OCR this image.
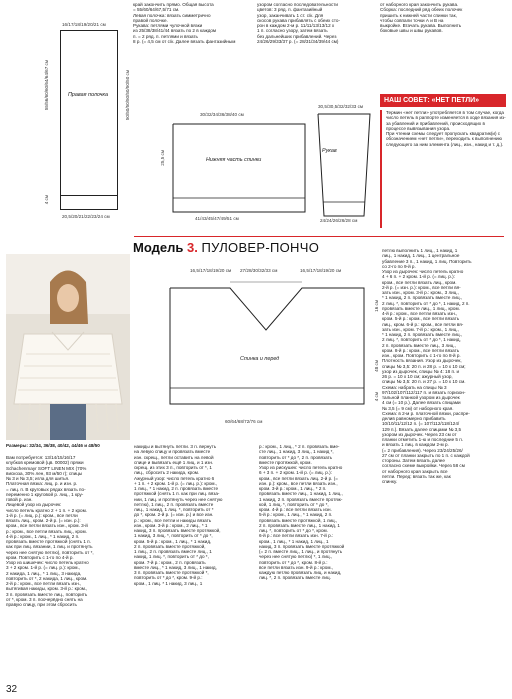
Правая полочка
16/17/18/19/20/21 см
55/56/60/60/64/64/67 см
4 см
20,5/20/21/22/23/24 см
50/50/50/50/50/50/50 см
Нижняя часть спинки
30/32/34/36/38/40 см
41/43/45/47/49/51 см
25,5 см	Рукав
30,5/30,5/32/32/33 см
24/24/26/26/28 см
край закончить прямо. Общая высота
= 55/60/64/67,5/71 см.
Левая полочка: вязать симметрично
правой полочке.
Рукава: петлями чулочной вязки
из 25/38/38/41/44 вязать по 2 в каждом
п. = 2 ряд. п. петлями и вязать
8 р. (= 4,5 см от с/к. Далее вязать фантазийным
узором согласно последовательности
цветов: 3 ряд. п. фантазийный
узор, заканчивать 1 ст. с/к. Для
скосов рукава прибавлять с обеих сто-
рон в каждом 2-м р. 11/11/13/13/12 х
1 п. согласно узору, затем вязать
без дальнейших прибавлений. Через
24/26/29/33/37 р. (= 28/31/34/39/44 см)
от наборного края закончить рукава.
Сборка: последний ряд обеих полочек
пришить к нижней части спинки так,
чтобы совпали точки А и В на
выкройке. Втачать рукава. Выполнить
боковые швы и швы рукавов.
НАШ СОВЕТ: «НЕТ ПЕТЛИ»
Термин «нет петли» употребляется в том случае, когда число петель в раппорте изменяется в ходе вязания из-за убавлений и прибавлений, происходящих в процессе вывязывания узора.
При чтении схемы следует пропускать квадратик(и) с обозначением «нет петли», переходить к выполнению следующего за ним элемента (лиц., изн., накид и т. д.).
Модель 3. ПУЛОВЕР-ПОНЧО
Спинка и перед
16,5/17/18/19/20 см 27/28/30/32/33 см	16,5/17/18/19/20 см
16 см
48 см
4 см
60/64/68/72/76 см
петлю выполнить 1 лиц., 1 накид, 1
лиц., 1 накид, 1 лиц., 1 центральное
убавление 3 п., 1 накид, 1 лиц. Повторить
со 2-го по 9-й р.
Узор из дырочек: число петель кратно
4 + 6 п. + 2 кром. 1-й р. (= лиц. р.):
кром., все петли вязать лиц., кром.
2-й р. (= изн. р.): кром., все петли вя-
зать изн., кром. 3-й р.: кром., 3 лиц.,
* 1 накид, 2 п. провязать вместе лиц.,
2 лиц. *, повторить от * до *, 1 накид, 2 п.
провязать вместе лиц., 1 лиц., кром.
4-й р.: кром., все петли вязать изн.,
кром. 5-й р.: кром., все петли вязать
лиц., кром. 6-й р.: кром., все петли вя-
зать изн., кром. 7-й р.: кром., 1 лиц.,
* 1 накид, 2 п. провязать вместе лиц.,
2 лиц. *, повторить от * до *, 1 накид,
2 п. провязать вместе лиц., 3 лиц.,
кром. 8-й р.: кром., все петли вязать
изн., кром. Повторить с 1-го по 8-й р.
Плотность вязания. Узор из дырочек,
спицы № 3,5: 20 п. и 28 р. = 10 х 10 см;
узор из дырочек, спицы № 4: 18 п. и
26 р. = 10 х 10 см; ажурный узор,
спицы № 3,5: 20 п. и 27 р. = 10 х 10 см.
Схема: набрать на спицы № 3
97/102/107/112/117 п. и вязать горизон-
тальной планкой узором из дырочек
4 см (= 10 р.). Далее вязать спицами
№ 3,5 (= 9 см) от наборного края.
Схема: в 2-м р. платочной вязки, распре-
делив равномерно прибавить
10/10/11/12/12 п. (= 107/112/118/124/
129 п.). Вязать далее спицами № 3,5
узором из дырочек. Через 23 см от
планки отметить 1-ю и последние 5 п.
и вязать 1 лиц. в каждом 2-м р.
(= 2 прибавления). Через 23/24/25/26/
27 см от планки закрыть по 1 п. с каждой
стороны. Затем вязать далее
согласно схеме выкройки. Через 58 см
от наборного края закрыть все
петли. Перед: вязать так же, как
спинку.
Размеры: 32/34, 36/38, 40/42, 44/46 и 48/50
Вам потребуется: 13/14/15/16/17
клубков кремовой (цв. 00002) пряжи
Schachenmayr SOFT LINEN MIX (70%
вискоза, 30% лен, 93 м/50 г); спицы
№ 3 и № 3,5; игла для шитья.
Платочная вязка: лиц. р. и изн. р.
= лиц. п. В круговых рядах вязать по-
переменно 1 круговой р. лиц., 1 кру-
говой р. изн.
Лицевой узор из дырочек:
число петель кратно 2 + 1 п. + 2 кром.
1-й р. (= лиц. р.): кром., все петли
вязать лиц., кром. 2-й р. (= изн. р.):
кром., все петли вязать изн., кром. 3-й
р.: кром., все петли вязать лиц., кром.
4-й р.: кром., 1 лиц., * 1 накид, 2 п.
провязать вместе протяжкой (снять 1 п.
как при лиц. вязании, 1 лиц. и протянуть
через нее снятую петлю), повторить от *,
кром. Повторить с 1-го по 4-й р.
Узор из шишечек: число петель кратно
3 + 2 кром. 1-й р. (= лиц. р.): кром.,
2 накида, 1 лиц., * 1 лиц., 3 накида,
повторить от *, 2 накида, 1 лиц., кром.
2-й р.: кром., все петли вязать изн.,
вытягивая накиды, кром. 3-й р.: кром.,
3 п. провязать вместе лиц., повторить
от *, кром. 3 п. поочерёдно снять на
правую спицу, при этом сбросить
накиды и вытянуть петли. 3 п. вернуть
на левую спицу и провязать вместе
изн. скрещ., петли оставить на левой
спице и вывязать ещё 1 лиц. и 1 изн.
скрещ. из этих 3 п., повторить от *, 1
лиц., сбросить 2 накида, кром.
Ажурный узор: число петель кратно 6
+ 1 п. + 2 кром. 1-й р. (= лиц. р.): кром.,
1 лиц., * 1 накид, 2 п. провязать вместе
протяжкой (снять 1 п. как при лиц. вяза-
нии, 1 лиц. и протянуть через нее снятую
петлю), 1 лиц., 2 п. провязать вместе
лиц., 1 накид, 1 лиц. *, повторить от *
до *, кром. 2-й р. (= изн. р.) и все изн.
р.: кром., все петли и накиды вязать
изн., кром. 3-й р.: кром., 2 лиц., * 1
накид, 3 п. провязать вместе протяжкой,
1 накид, 3 лиц. *, повторить от * до *,
кром. 5-й р.: кром., 1 лиц., * 1 накид,
2 п. провязать вместе протяжкой,
1 лиц., 2 п. провязать вместе лиц., 1
накид, 1 лиц. *, повторить от * до *,
кром. 7-й р.: кром., 2 п. провязать
вместе лиц., * 1 накид, 3 лиц., 1 накид,
3 п. провязать вместе протяжкой *,
повторить от * до *, кром. 9-й р.:
кром., 1 лиц. * 1 накид, 3 лиц., 1
р.: кром., 1 лиц., * 2 п. провязать вме-
сте лиц., 1 накид, 3 лиц., 1 накид *,
повторить от * до *, 2 п. провязать
вместе протяжкой, кром.
Узор из рискушек: число петель кратно
6 + 3 п. + 2 кром. 1-й р. (= лиц. р.):
кром., все петли вязать лиц. 2-й р. (=
изн. р.): кром., все петли вязать изн.,
кром. 3-й р.: кром., 1 лиц., * 2 п.
провязать вместе лиц., 1 накид, 1 лиц.,
1 накид, 2 п. провязать вместе протяж-
кой, 1 лиц. *, повторить от * до *,
кром. 4-й р.: все петли вязать изн.
5-й р.: кром., 1 лиц., * 1 накид, 2 п.
провязать вместе протяжкой, 1 лиц.,
2 п. провязать вместе лиц., 1 накид, 1
лиц. *, повторить от * до *, кром.
6-й р.: все петли вязать изн. 7-й р.:
кром., 1 лиц., * 1 накид, 1 лиц., 1
накид, 3 п. провязать вместе протяжкой
(= 2 п. вместе лиц., 1 лиц., и протянуть
через нее снятую петлю) *, 1 лиц.,
повторить от * до *, кром. 8-й р.:
все петли вязать изн. 9-й р.: кром.,
каждую петлю провязать лиц. и накид,
лиц. *, 2 п. провязать вместе лиц.
32
